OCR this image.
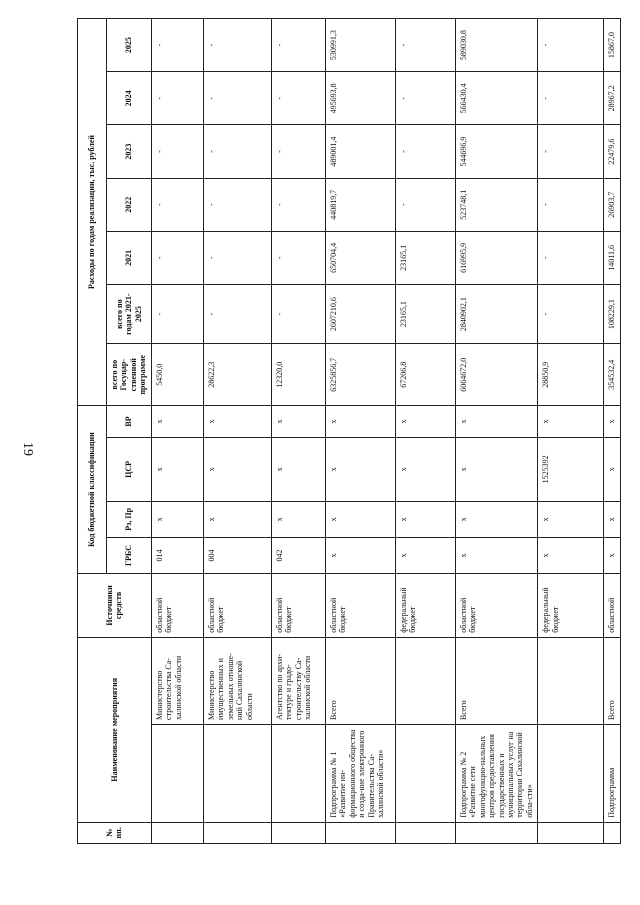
19
№ пп.	Наименование мероприятия		Источники средств	Код бюджетной классификации				Расходы по годам реализации, тыс. рублей						
				ГРБС	Рз, Пр	ЦСР	ВР	всего по Госуцар-ственной программе	всего по годам 2021-2025	2021	2022	2023	2024	2025
		Министерство строительства Са-халинской области	областной бюджет	014	х	х	х	5450,0	-	-	-	-	-	-
		Министерство имущественных и земельных отноше-ний Сахалинской области	областной бюджет	004	х	х	х	28622,3	-	-	-	-	-	-
		Агентство по архи-тектуре и градо-строительству Са-халинской области	областной бюджет	042	х	х	х	12320,0	-	-	-	-	-	-
	Подпрограмма № 1 «Развитие ин-формационного общества и созда-ние электронного Правительства Са-халинской области»	Всего	областной бюджет	х	х	х	х	6325856,7	2607210,6	650704,4	440819,7	489001,4	495693,8	530991,3
			федеральный бюджет	х	х	х	х	67206,8	23165,1	23165,1	-	-	-	-
	Подпрограмма № 2 «Развитие сети многофункцио-нальных центров предоставления государственных и муниципальных услуг на территории Сахалинской обла-сти»	Всего	областной бюджет	х	х	х	х	6064672,0	2840902,1	616995,9	523748,1	544696,9	566430,4	589030,8
			федеральный бюджет	х	х	1525392	х	28850,9	-	-	-	-	-	-
	Подпрограмма	Всего	областной	х	х	х	х	354532,4	108229,1	14011,6	26903,7	22479,6	28967,2	15867,0
